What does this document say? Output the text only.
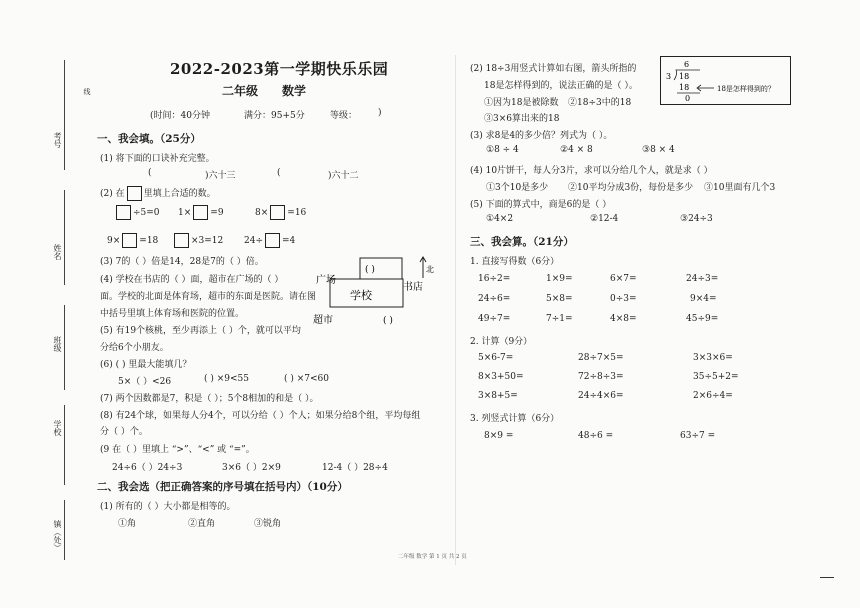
考号
线
姓名
班级
学校
镇（处）
2022-2023第一学期快乐乐园
二年级 数学
(时间：40分钟	满分：95+5分	等级： )
一、我会填。（25分）
(1) 将下面的口诀补充完整。
(	)六十三	(	)六十二
(2) 在 里填上合适的数。
÷5=0 1× =9	8× =16
9× =18	×3=12 24÷ =4
(3) 7的（ ）倍是14，28是7的（ ）倍。
(4) 学校在书店的（ ）面，超市在广场的（ ）
面。学校的北面是体育场，超市的东面是医院。请在图
中括号里填上体育场和医院的位置。
(5) 有19个核桃，至少再添上（ ）个，就可以平均
分给6个小朋友。
(6) ( ) 里最大能填几？
5×（ ）<26	( ) ×9<55	( ) ×7<60
(7) 两个因数都是7，积是（ ）；5个8相加的和是（ ）。
(8) 有24个球，如果每人分4个，可以分给（ ）个人；如果分给8个组，平均每组
分（ ）个。
(9 在（ ）里填上 “>”、“<” 或 “=”。
24÷6（ ）24÷3	3×6（ ）2×9	12-4（ ）28÷4
( )
广场
学校
书店
超市	( )
北
二、我会选（把正确答案的序号填在括号内）（10分）
(1) 所有的（ ）大小都是相等的。
①角	②直角	③锐角
(2) 18÷3用竖式计算如右图，箭头所指的
18是怎样得到的，说法正确的是（ ）。
①因为18是被除数 ②18÷3中的18
③3×6算出来的18
6
3 18
18
0
18是怎样得到的？
(3) 求8是4的多少倍？列式为（ ）。
①8 ÷ 4	②4 × 8	③8 × 4
(4) 10片饼干，每人分3片，求可以分给几个人，就是求（ ）
①3个10是多少 ②10平均分成3份，每份是多少 ③10里面有几个3
(5) 下面的算式中，商是6的是（ ）
①4×2	②12-4	③24÷3
三、我会算。（21分）
1. 直接写得数（6分）
16÷2=	1×9=	6×7=	24÷3=
24÷6=	5×8=	0÷3=	9×4=
49÷7=	7÷1=	4×8=	45÷9=
2. 计算（9分）
5×6-7=	28÷7×5=	3×3×6=
8×3+50=	72÷8÷3=	35÷5+2=
3×8+5=	24÷4×6=	2×6÷4=
3. 列竖式计算（6分）
8×9 =	48÷6 =	63÷7 =
二年级 数学 第 1 页 共 2 页
